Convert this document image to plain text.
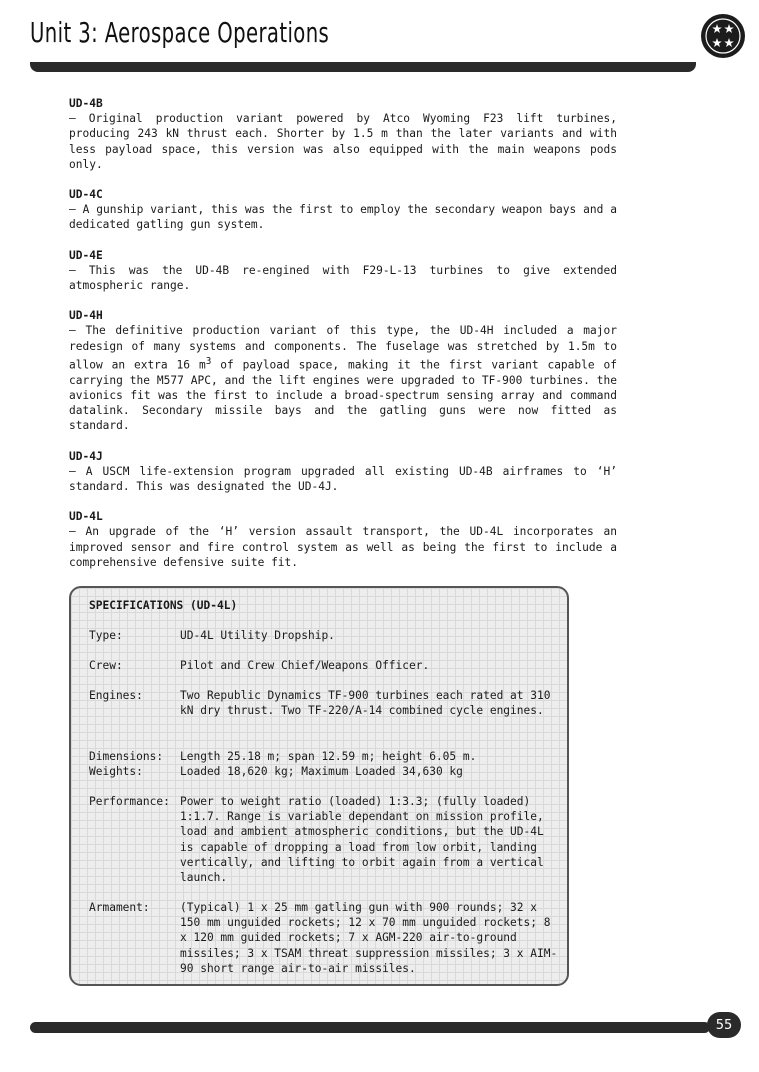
Unit 3: Aerospace Operations
UD-4B
– Original production variant powered by Atco Wyoming F23 lift turbines, producing 243 kN thrust each. Shorter by 1.5 m than the later variants and with less payload space, this version was also equipped with the main weapons pods only.
UD-4C
– A gunship variant, this was the first to employ the secondary weapon bays and a dedicated gatling gun system.
UD-4E
– This was the UD-4B re-engined with F29-L-13 turbines to give extended atmospheric range.
UD-4H
– The definitive production variant of this type, the UD-4H included a major redesign of many systems and components. The fuselage was stretched by 1.5m to allow an extra 16 $m^3$ of payload space, making it the first variant capable of carrying the M577 APC, and the lift engines were upgraded to TF-900 turbines. the avionics fit was the first to include a broad-spectrum sensing array and command datalink. Secondary missile bays and the gatling guns were now fitted as standard.
UD-4J
– A USCM life-extension program upgraded all existing UD-4B airframes to ‘H’ standard. This was designated the UD-4J.
UD-4L
– An upgrade of the ‘H’ version assault transport, the UD-4L incorporates an improved sensor and fire control system as well as being the first to include a comprehensive defensive suite fit.
SPECIFICATIONS (UD-4L)
Type:	UD-4L Utility Dropship.
Crew:	Pilot and Crew Chief/Weapons Officer.
Engines:	Two Republic Dynamics TF-900 turbines each rated at 310 kN dry thrust. Two TF-220/A-14 combined cycle engines.
Dimensions:	Length 25.18 m; span 12.59 m; height 6.05 m.
Weights:	Loaded 18,620 kg; Maximum Loaded 34,630 kg
Performance: Power to weight ratio (loaded) 1:3.3; (fully loaded) 1:1.7. Range is variable dependant on mission profile, load and ambient atmospheric conditions, but the UD-4L is capable of dropping a load from low orbit, landing vertically, and lifting to orbit again from a vertical launch.
Armament:	(Typical) 1 x 25 mm gatling gun with 900 rounds; 32 x 150 mm unguided rockets; 12 x 70 mm unguided rockets; 8 x 120 mm guided rockets; 7 x AGM-220 air-to-ground missiles; 3 x TSAM threat suppression missiles; 3 x AIM-90 short range air-to-air missiles.
55
